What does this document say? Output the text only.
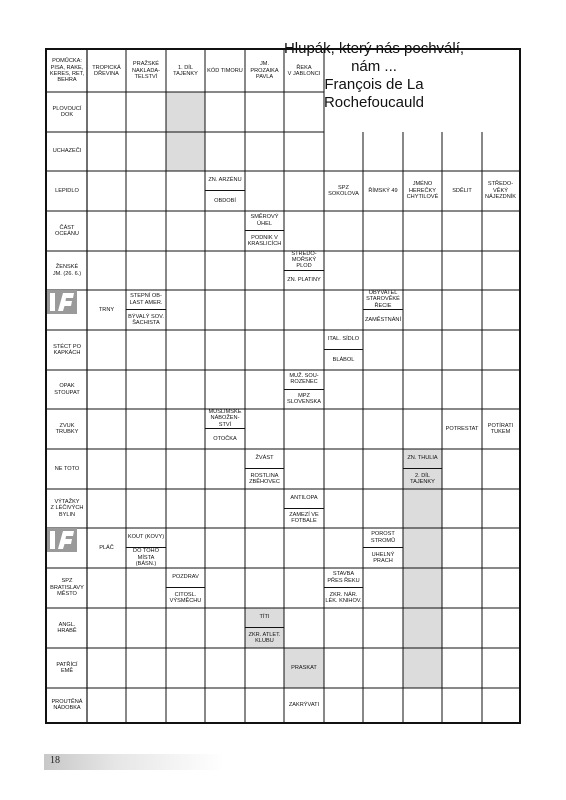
POMŮCKA:
PISA, RAKE,
KERES, RET,
BEHRA
TROPICKÁ
DŘEVINA
PRAŽSKÉ
NAKLADA-
TELSTVÍ
1. DÍL
TAJENKY
KÓD TIMORU
JM.
PROZAIKA
PAVLA
ŘEKA
V JABLONCI
PLOVOUCÍ
DOK
UCHAZEČI
LEPIDLO
ČÁST
OCEÁNU
ŽENSKÉ
JM. (26. 6.)
STÉCT PO
KAPKÁCH
OPAK
STOUPAT
ZVUK
TRUBKY
NE TOTO
VÝTAŽKY
Z LÉČIVÝCH
BYLIN
SPZ
BRATISLAVY
MĚSTO
ANGL.
HRABĚ
PATŘÍCÍ
EMĚ
PROUTĚNÁ
NÁDOBKA
ZN. ARZÉNU
OBDOBÍ
SPZ
SOKOLOVA
ŘÍMSKÝ 49
JMÉNO
HEREČKY
CHYTILOVÉ
SDĚLIT
STŘEDO-
VĚKÝ
NÁJEZDNÍK
SMĚROVÝ
ÚHEL
PODNIK V
KRASLICÍCH
STŘEDO-
MOŘSKÝ
PLOD
ZN. PLATINY
TRNY
STEPNÍ OB-
LAST AMER.
BÝVALÝ SOV.
ŠACHISTA
OBYVATEL
STAROVĚKÉ
ŘECIE
ZAMĚSTNÁNÍ
ITAL. SÍDLO
BLÁBOL
MUŽ. SOU-
ROZENEC
MPZ
SLOVENSKA
MUSLIMSKÉ
NÁBOŽEN-
STVÍ
OTOČKA
POTRESTAT
POTÍRATI
TUKEM
ŽVÁST
ROSTLINA
ZBĚHOVEC
ZN. THULIA
2. DÍL
TAJENKY
ANTILOPA
ZAMEZÍ VE
FOTBALE
PLÁČ
KOUT (KOVY)
DO TOHO
MÍSTA
(BÁSN.)
POROST
STROMŮ
UHELNÝ
PRACH
POZDRAV
CITOSL.
VÝSMĚCHU
STAVBA
PŘES ŘEKU
ZKR. NÁR.
LÉK. KNIHOV.
TÍTI
ZKR. ATLET.
KLUBU
PRASKAT
ZAKRÝVATI
Hlupák, který nás pochválí, nám ...
François de La Rochefoucauld
18
